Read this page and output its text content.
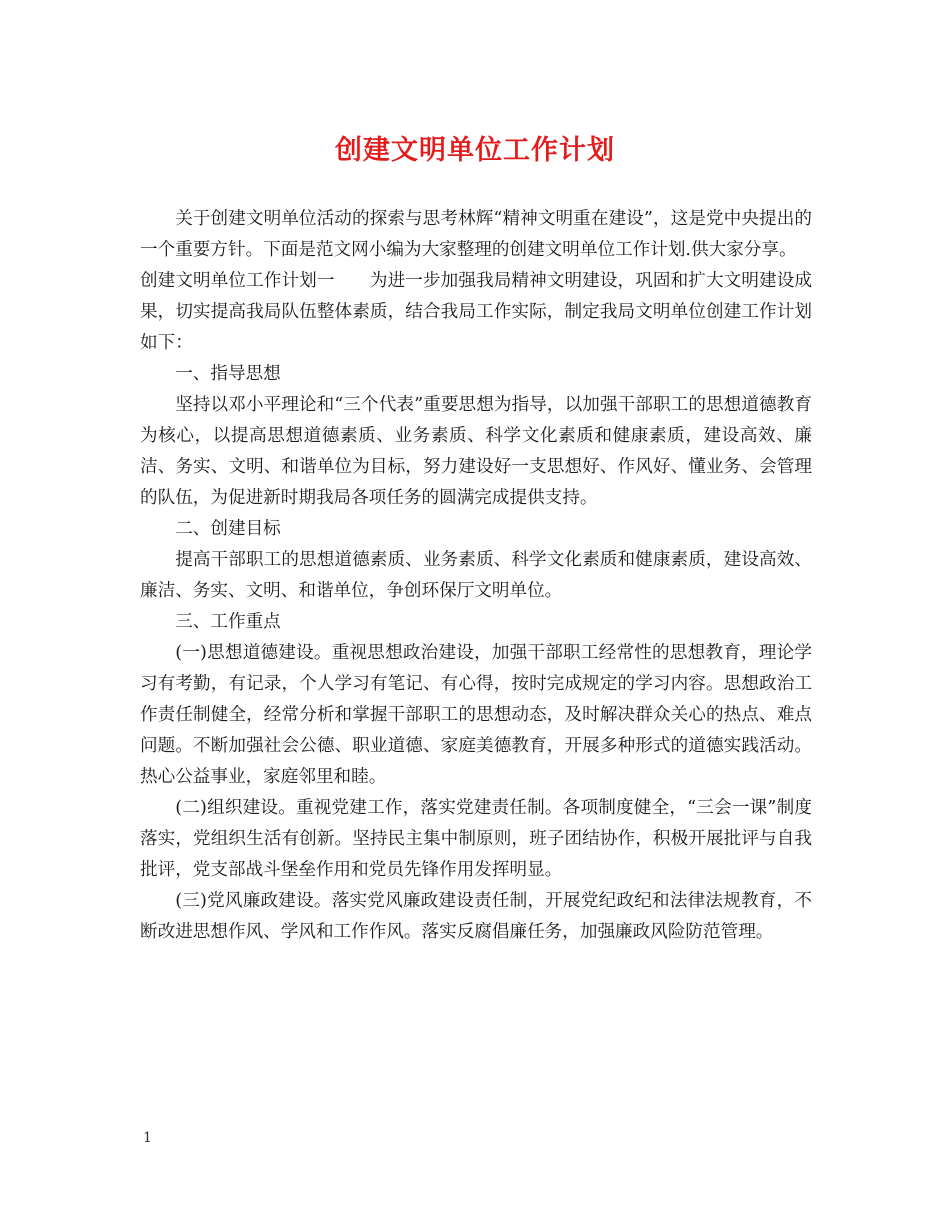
创建文明单位工作计划

关于创建文明单位活动的探索与思考林辉“精神文明重在建设”，这是党中央提出的一个重要方针。下面是范文网小编为大家整理的创建文明单位工作计划.供大家分享。

创建文明单位工作计划一　　为进一步加强我局精神文明建设，巩固和扩大文明建设成果，切实提高我局队伍整体素质，结合我局工作实际，制定我局文明单位创建工作计划如下：

一、指导思想

坚持以邓小平理论和“三个代表”重要思想为指导，以加强干部职工的思想道德教育为核心，以提高思想道德素质、业务素质、科学文化素质和健康素质，建设高效、廉洁、务实、文明、和谐单位为目标，努力建设好一支思想好、作风好、懂业务、会管理的队伍，为促进新时期我局各项任务的圆满完成提供支持。

二、创建目标

提高干部职工的思想道德素质、业务素质、科学文化素质和健康素质，建设高效、廉洁、务实、文明、和谐单位，争创环保厅文明单位。

三、工作重点

(一)思想道德建设。重视思想政治建设，加强干部职工经常性的思想教育，理论学习有考勤，有记录，个人学习有笔记、有心得，按时完成规定的学习内容。思想政治工作责任制健全，经常分析和掌握干部职工的思想动态，及时解决群众关心的热点、难点问题。不断加强社会公德、职业道德、家庭美德教育，开展多种形式的道德实践活动。热心公益事业，家庭邻里和睦。

(二)组织建设。重视党建工作，落实党建责任制。各项制度健全，“三会一课”制度落实，党组织生活有创新。坚持民主集中制原则，班子团结协作，积极开展批评与自我批评，党支部战斗堡垒作用和党员先锋作用发挥明显。

(三)党风廉政建设。落实党风廉政建设责任制，开展党纪政纪和法律法规教育，不断改进思想作风、学风和工作作风。落实反腐倡廉任务，加强廉政风险防范管理。

1
